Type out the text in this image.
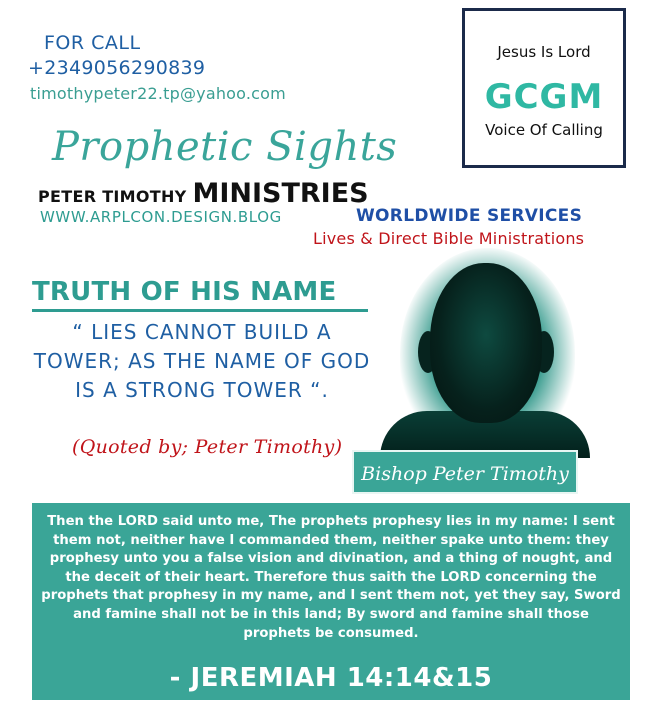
FOR CALL
+2349056290839
timothypeter22.tp@yahoo.com
Jesus Is Lord
GCGM
Voice Of Calling
Prophetic Sights
PETER TIMOTHY MINISTRIES
WWW.ARPLCON.DESIGN.BLOG	WORLDWIDE SERVICES
Lives & Direct Bible Ministrations
TRUTH OF HIS NAME
“ LIES CANNOT BUILD A TOWER; AS THE NAME OF GOD IS A STRONG TOWER “.
(Quoted by; Peter Timothy)
Bishop Peter Timothy
Then the LORD said unto me, The prophets prophesy lies in my name: I sent them not, neither have I commanded them, neither spake unto them: they prophesy unto you a false vision and divination, and a thing of nought, and the deceit of their heart. Therefore thus saith the LORD concerning the prophets that prophesy in my name, and I sent them not, yet they say, Sword and famine shall not be in this land; By sword and famine shall those prophets be consumed.
- JEREMIAH 14:14&15
